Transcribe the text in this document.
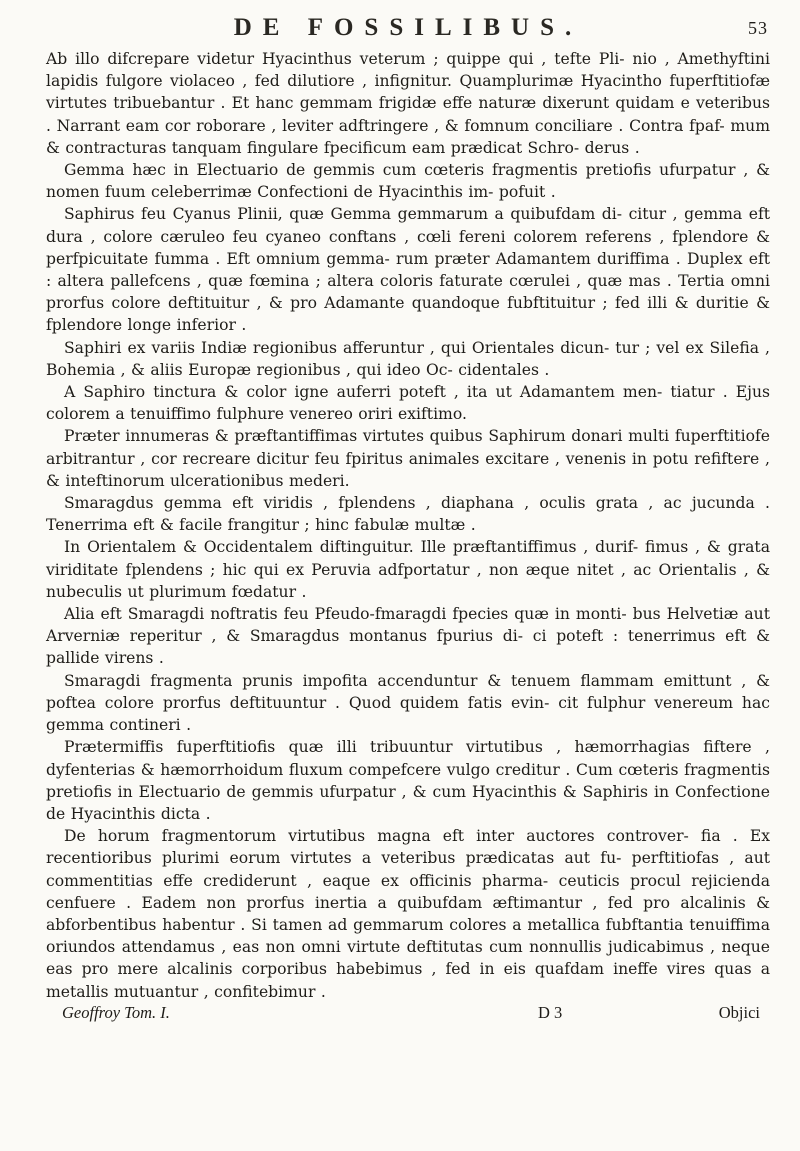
DE FOSSILIBUS.	53

Ab illo difcrepare videtur Hyacinthus veterum ; quippe qui , tefte Pli- nio , Amethyftini lapidis fulgore violaceo , fed dilutiore , infignitur. Quamplurimæ Hyacintho fuperftitiofæ virtutes tribuebantur . Et hanc gemmam frigidæ effe naturæ dixerunt quidam e veteribus . Narrant eam cor roborare , leviter adftringere , & fomnum conciliare . Contra fpaf- mum & contracturas tanquam fingulare fpecificum eam prædicat Schro- derus .

Gemma hæc in Electuario de gemmis cum cœteris fragmentis pretiofis ufurpatur , & nomen fuum celeberrimæ Confectioni de Hyacinthis im- pofuit .

Saphirus feu Cyanus Plinii, quæ Gemma gemmarum a quibufdam di- citur , gemma eft dura , colore cæruleo feu cyaneo conftans , cœli fereni colorem referens , fplendore & perfpicuitate fumma . Eft omnium gemma- rum præter Adamantem duriffima . Duplex eft : altera pallefcens , quæ fœmina ; altera coloris faturate cœrulei , quæ mas . Tertia omni prorfus colore deftituitur , & pro Adamante quandoque fubftituitur ; fed illi & duritie & fplendore longe inferior .

Saphiri ex variis Indiæ regionibus afferuntur , qui Orientales dicun- tur ; vel ex Silefia , Bohemia , & aliis Europæ regionibus , qui ideo Oc- cidentales .

A Saphiro tinctura & color igne auferri poteft , ita ut Adamantem men- tiatur . Ejus colorem a tenuiffimo fulphure venereo oriri exiftimo.

Præter innumeras & præftantiffimas virtutes quibus Saphirum donari multi fuperftitiofe arbitrantur , cor recreare dicitur feu fpiritus animales excitare , venenis in potu refiftere , & inteftinorum ulcerationibus mederi.

Smaragdus gemma eft viridis , fplendens , diaphana , oculis grata , ac jucunda . Tenerrima eft & facile frangitur ; hinc fabulæ multæ .

In Orientalem & Occidentalem diftinguitur. Ille præftantiffimus , durif- fimus , & grata viriditate fplendens ; hic qui ex Peruvia adfportatur , non æque nitet , ac Orientalis , & nubeculis ut plurimum fœdatur .

Alia eft Smaragdi noftratis feu Pfeudo-fmaragdi fpecies quæ in monti- bus Helvetiæ aut Arverniæ reperitur , & Smaragdus montanus fpurius di- ci poteft : tenerrimus eft & pallide virens .

Smaragdi fragmenta prunis impofita accenduntur & tenuem flammam emittunt , & poftea colore prorfus deftituuntur . Quod quidem fatis evin- cit fulphur venereum hac gemma contineri .

Prætermiffis fuperftitiofis quæ illi tribuuntur virtutibus , hæmorrhagias fiftere , dyfenterias & hæmorrhoidum fluxum compefcere vulgo creditur . Cum cœteris fragmentis pretiofis in Electuario de gemmis ufurpatur , & cum Hyacinthis & Saphiris in Confectione de Hyacinthis dicta .

De horum fragmentorum virtutibus magna eft inter auctores controver- fia . Ex recentioribus plurimi eorum virtutes a veteribus prædicatas aut fu- perftitiofas , aut commentitias effe crediderunt , eaque ex officinis pharma- ceuticis procul rejicienda cenfuere . Eadem non prorfus inertia a quibufdam æftimantur , fed pro alcalinis & abforbentibus habentur . Si tamen ad gemmarum colores a metallica fubftantia tenuiffima oriundos attendamus , eas non omni virtute deftitutas cum nonnullis judicabimus , neque eas pro mere alcalinis corporibus habebimus , fed in eis quafdam ineffe vires quas a metallis mutuantur , confitebimur .

Geoffroy Tom. I.	D 3	Objici
